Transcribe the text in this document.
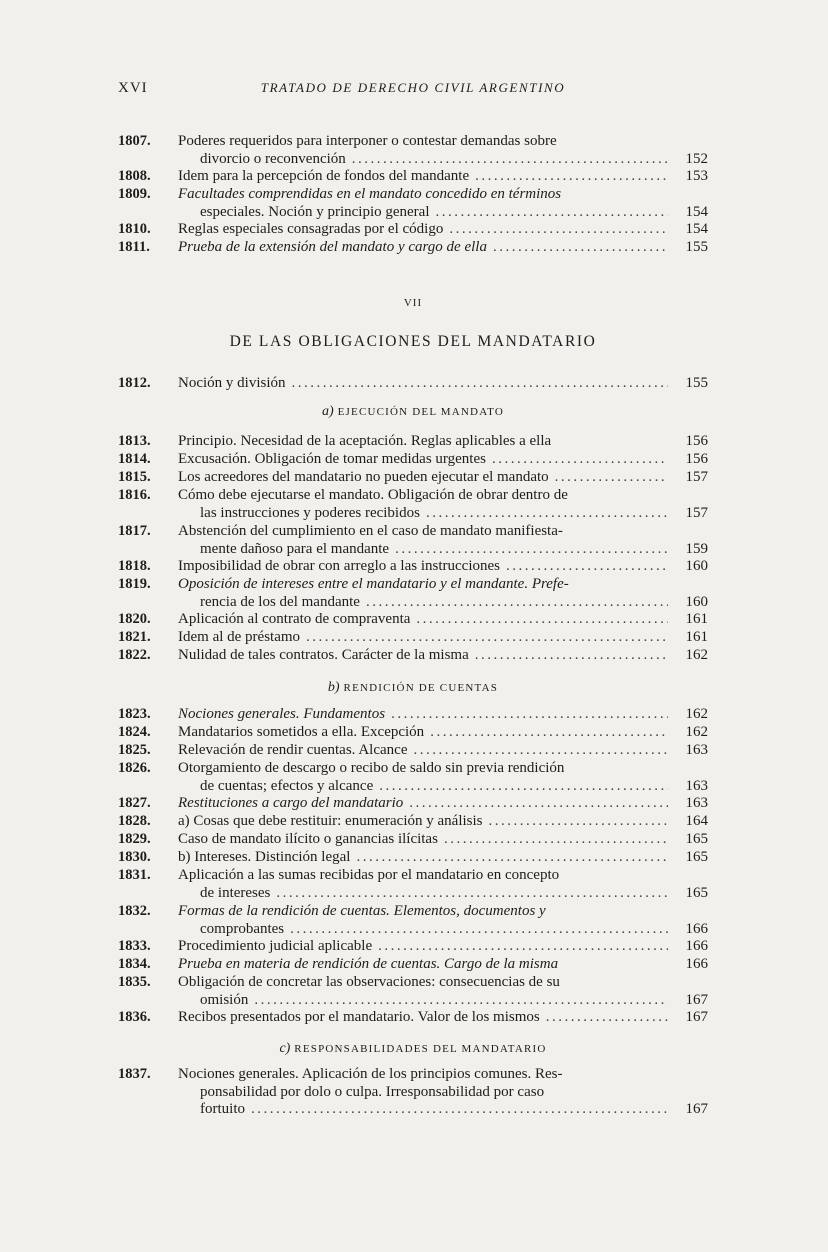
XVI	TRATADO DE DERECHO CIVIL ARGENTINO
1807. Poderes requeridos para interponer o contestar demandas sobre
divorcio o reconvención .....	152
1808. Idem para la percepción de fondos del mandante .....	153
1809. Facultades comprendidas en el mandato concedido en términos
especiales. Noción y principio general .....	154
1810. Reglas especiales consagradas por el código .....	154
1811. Prueba de la extensión del mandato y cargo de ella .....	155
VII
DE LAS OBLIGACIONES DEL MANDATARIO
1812. Noción y división .....	155
a) EJECUCIÓN DEL MANDATO
1813. Principio. Necesidad de la aceptación. Reglas aplicables a ella	156
1814. Excusación. Obligación de tomar medidas urgentes .....	156
1815. Los acreedores del mandatario no pueden ejecutar el mandato .....	157
1816. Cómo debe ejecutarse el mandato. Obligación de obrar dentro de
las instrucciones y poderes recibidos .....	157
1817. Abstención del cumplimiento en el caso de mandato manifiesta-
mente dañoso para el mandante .....	159
1818. Imposibilidad de obrar con arreglo a las instrucciones .....	160
1819. Oposición de intereses entre el mandatario y el mandante. Prefe-
rencia de los del mandante .....	160
1820. Aplicación al contrato de compraventa .....	161
1821. Idem al de préstamo .....	161
1822. Nulidad de tales contratos. Carácter de la misma .....	162
b) RENDICIÓN DE CUENTAS
1823. Nociones generales. Fundamentos .....	162
1824. Mandatarios sometidos a ella. Excepción .....	162
1825. Relevación de rendir cuentas. Alcance .....	163
1826. Otorgamiento de descargo o recibo de saldo sin previa rendición
de cuentas; efectos y alcance .....	163
1827. Restituciones a cargo del mandatario .....	163
1828. a) Cosas que debe restituir: enumeración y análisis .....	164
1829. Caso de mandato ilícito o ganancias ilícitas .....	165
1830. b) Intereses. Distinción legal .....	165
1831. Aplicación a las sumas recibidas por el mandatario en concepto
de intereses .....	165
1832. Formas de la rendición de cuentas. Elementos, documentos y
comprobantes .....	166
1833. Procedimiento judicial aplicable .....	166
1834. Prueba en materia de rendición de cuentas. Cargo de la misma	166
1835. Obligación de concretar las observaciones: consecuencias de su
omisión .....	167
1836. Recibos presentados por el mandatario. Valor de los mismos .....	167
c) RESPONSABILIDADES DEL MANDATARIO
1837. Nociones generales. Aplicación de los principios comunes. Res-
ponsabilidad por dolo o culpa. Irresponsabilidad por caso
fortuito .....	167
